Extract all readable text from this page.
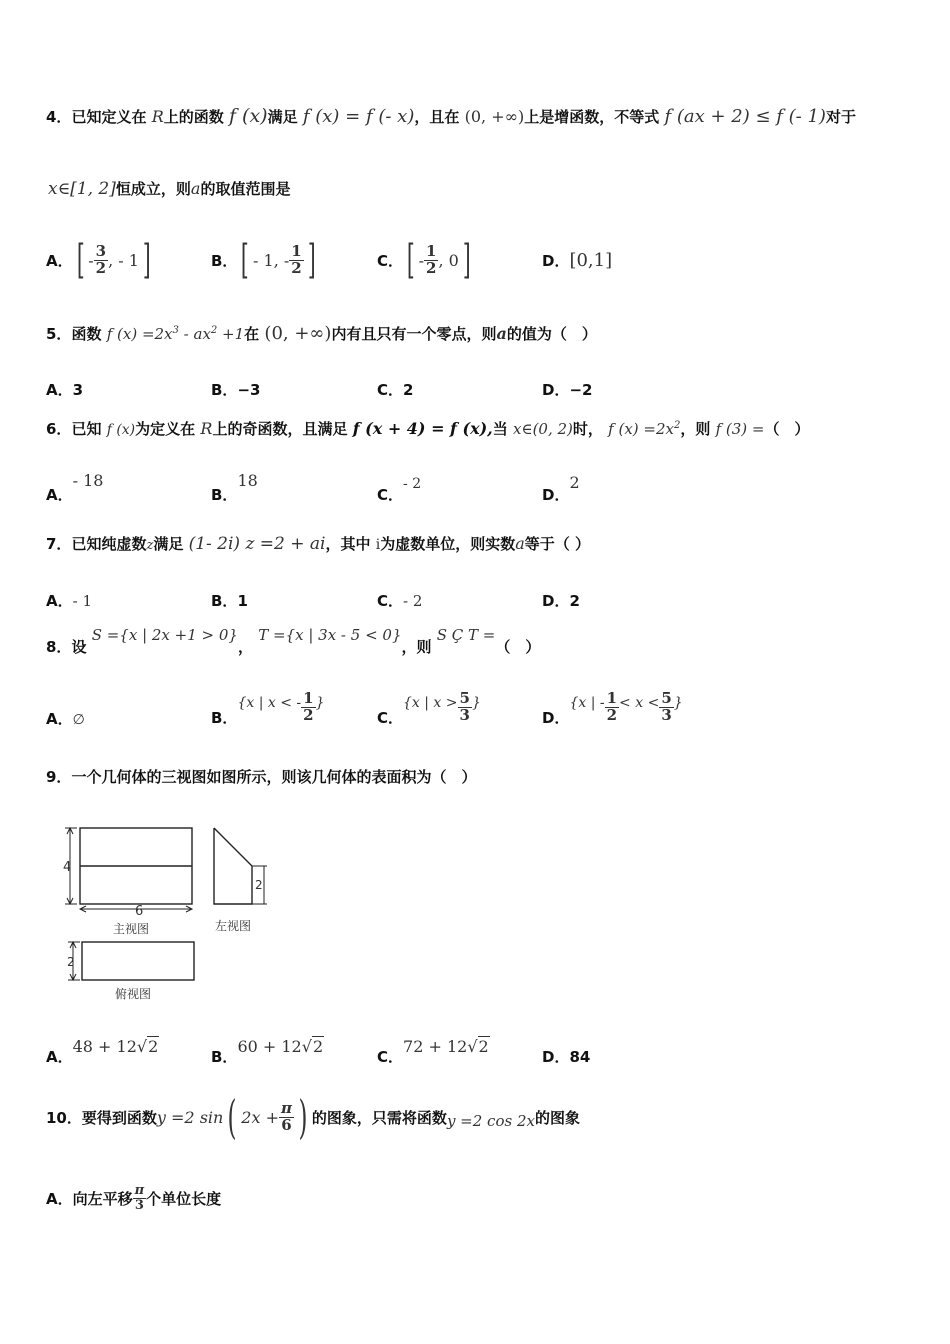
4．已知定义在 R上的函数 f (x)满足 f (x) = f (- x)，且在 (0, +∞)上是增函数，不等式 f (ax + 2) ≤ f (- 1)对于
x∈[1, 2]恒成立，则a的取值范围是
A． [ - $\frac{3}{2}$ , - 1 ]	B． [ - 1, - $\frac{1}{2}$ ]	C． [ - $\frac{1}{2}$ , 0 ]	D．[0,1]
5．函数 f $(x) =2x^3 - ax^2 +1$在 (0, +∞)内有且只有一个零点，则a的值为（　）
A．3	B．−3	C．2	D．−2
6．已知 f (x)为定义在 R上的奇函数，且满足 f (x + 4) = f (x),当 x∈(0, 2)时， f $(x) =2x^2$，则 f (3) =（　）
A．- 18
B．18
C．- 2
D．2
7．已知纯虚数z满足 (1- 2i) z =2 + ai，其中 i为虚数单位，则实数a等于（ ）
A．- 1	B．1	C．- 2	D．2
8．设 S ={x | 2x +1 > 0}， T ={x | 3x - 5 < 0}，则 S Ç T =（　）
A．∅	B．
{x | x < - $\frac{1}{2}$ }
C．
{x | $x > \frac{5}{3}$ }
D．
{x | - $\frac{1}{2} < x < \frac{5}{3}$ }
9．一个几何体的三视图如图所示，则该几何体的表面积为（　）
4
6
2
2
主视图	左视图
俯视图
A．48 + 12√2
B．60 + 12√2
C．72 + 12√2
D．84
10． 要得到函数 y =2 sin ( $2x + \frac{\pi}{6}$ ) 的图象，只需将函数 y =2 cos 2x 的图象
A． 向左平移 $\frac{\pi}{3}$ 个单位长度
